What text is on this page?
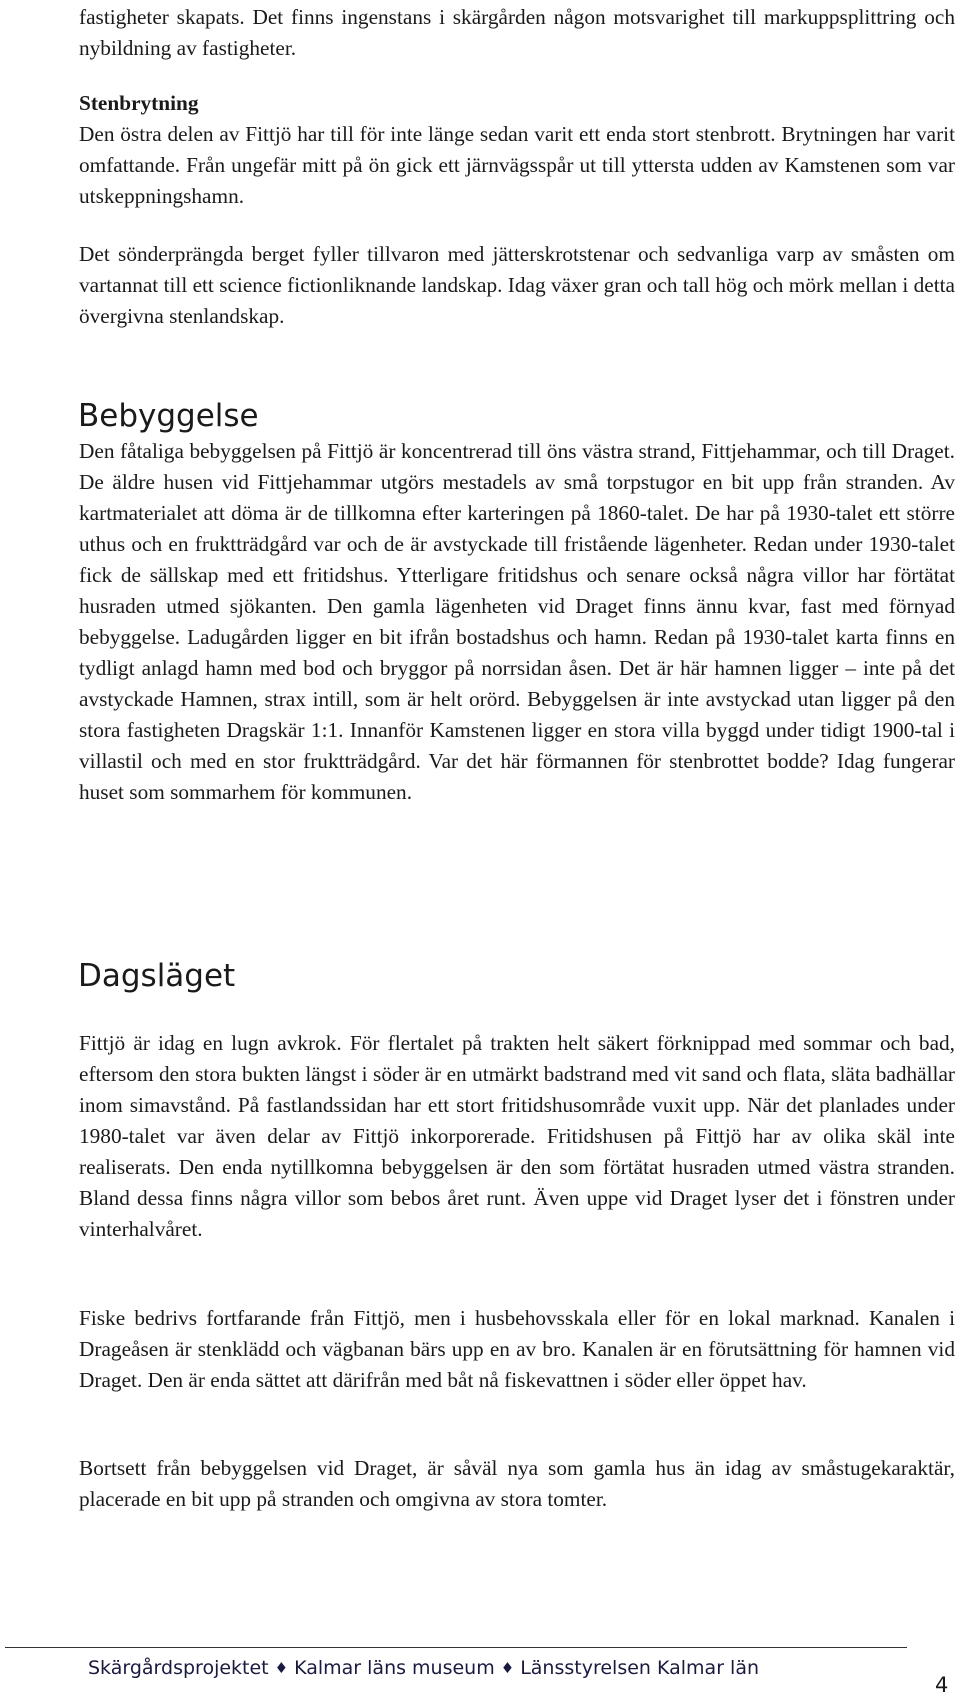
fastigheter skapats. Det finns ingenstans i skärgården någon motsvarighet till markuppsplittring och nybildning av fastigheter.

Stenbrytning

Den östra delen av Fittjö har till för inte länge sedan varit ett enda stort stenbrott. Brytningen har varit omfattande. Från ungefär mitt på ön gick ett järnvägsspår ut till yttersta udden av Kamstenen som var utskeppningshamn.

Det sönderprängda berget fyller tillvaron med jätterskrotstenar och sedvanliga varp av småsten om vartannat till ett science fictionliknande landskap. Idag växer gran och tall hög och mörk mellan i detta övergivna stenlandskap.

Bebyggelse

Den fåtaliga bebyggelsen på Fittjö är koncentrerad till öns västra strand, Fittjehammar, och till Draget. De äldre husen vid Fittjehammar utgörs mestadels av små torpstugor en bit upp från stranden. Av kartmaterialet att döma är de tillkomna efter karteringen på 1860-talet. De har på 1930-talet ett större uthus och en fruktträdgård var och de är avstyckade till fristående lägenheter. Redan under 1930-talet fick de sällskap med ett fritidshus. Ytterligare fritidshus och senare också några villor har förtätat husraden utmed sjökanten. Den gamla lägenheten vid Draget finns ännu kvar, fast med förnyad bebyggelse. Ladugården ligger en bit ifrån bostadshus och hamn. Redan på 1930-talet karta finns en tydligt anlagd hamn med bod och bryggor på norrsidan åsen. Det är här hamnen ligger – inte på det avstyckade Hamnen, strax intill, som är helt orörd. Bebyggelsen är inte avstyckad utan ligger på den stora fastigheten Dragskär 1:1. Innanför Kamstenen ligger en stora villa byggd under tidigt 1900-tal i villastil och med en stor fruktträdgård. Var det här förmannen för stenbrottet bodde? Idag fungerar huset som sommarhem för kommunen.

Dagsläget

Fittjö är idag en lugn avkrok. För flertalet på trakten helt säkert förknippad med sommar och bad, eftersom den stora bukten längst i söder är en utmärkt badstrand med vit sand och flata, släta badhällar inom simavstånd. På fastlandssidan har ett stort fritidshusområde vuxit upp. När det planlades under 1980-talet var även delar av Fittjö inkorporerade. Fritidshusen på Fittjö har av olika skäl inte realiserats. Den enda nytillkomna bebyggelsen är den som förtätat husraden utmed västra stranden. Bland dessa finns några villor som bebos året runt. Även uppe vid Draget lyser det i fönstren under vinterhalvåret.

Fiske bedrivs fortfarande från Fittjö, men i husbehovsskala eller för en lokal marknad. Kanalen i Drageåsen är stenklädd och vägbanan bärs upp en av bro. Kanalen är en förutsättning för hamnen vid Draget. Den är enda sättet att därifrån med båt nå fiskevattnen i söder eller öppet hav.

Bortsett från bebyggelsen vid Draget, är såväl nya som gamla hus än idag av småstugekaraktär, placerade en bit upp på stranden och omgivna av stora tomter.

Skärgårdsprojektet ♦ Kalmar läns museum ♦ Länsstyrelsen Kalmar län
4
